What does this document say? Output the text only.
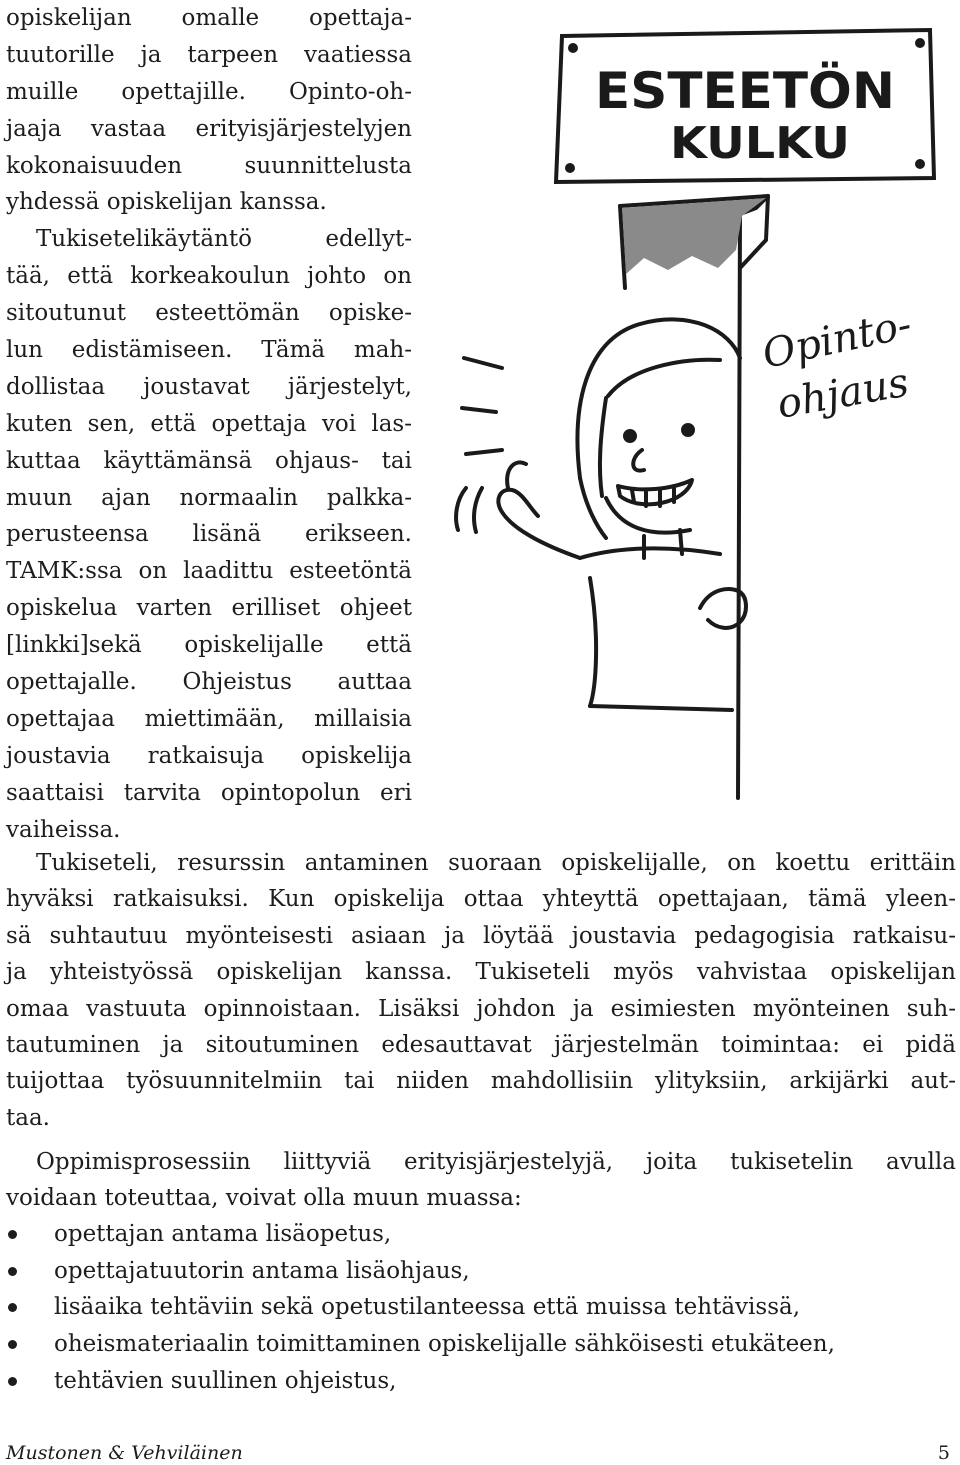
opiskelijan omalle opettaja-
tuutorille ja tarpeen vaatiessa
muille opettajille. Opinto-oh-
jaaja vastaa erityisjärjestelyjen
kokonaisuuden suunnittelusta
yhdessä opiskelijan kanssa.
Tukisetelikäytäntö edellyt-
tää, että korkeakoulun johto on
sitoutunut esteettömän opiske-
lun edistämiseen. Tämä mah-
dollistaa joustavat järjestelyt,
kuten sen, että opettaja voi las-
kuttaa käyttämänsä ohjaus- tai
muun ajan normaalin palkka-
perusteensa lisänä erikseen.
TAMK:ssa on laadittu esteetöntä
opiskelua varten erilliset ohjeet
[linkki]sekä opiskelijalle että
opettajalle. Ohjeistus auttaa
opettajaa miettimään, millaisia
joustavia ratkaisuja opiskelija
saattaisi tarvita opintopolun eri
vaiheissa.
ESTEETÖN
KULKU
Opinto-
ohjaus
Tukiseteli, resurssin antaminen suoraan opiskelijalle, on koettu erittäin
hyväksi ratkaisuksi. Kun opiskelija ottaa yhteyttä opettajaan, tämä yleen-
sä suhtautuu myönteisesti asiaan ja löytää joustavia pedagogisia ratkaisu-
ja yhteistyössä opiskelijan kanssa. Tukiseteli myös vahvistaa opiskelijan
omaa vastuuta opinnoistaan. Lisäksi johdon ja esimiesten myönteinen suh-
tautuminen ja sitoutuminen edesauttavat järjestelmän toimintaa: ei pidä
tuijottaa työsuunnitelmiin tai niiden mahdollisiin ylityksiin, arkijärki aut-
taa.
Oppimisprosessiin liittyviä erityisjärjestelyjä, joita tukisetelin avulla
voidaan toteuttaa, voivat olla muun muassa:
opettajan antama lisäopetus,
opettajatuutorin antama lisäohjaus,
lisäaika tehtäviin sekä opetustilanteessa että muissa tehtävissä,
oheismateriaalin toimittaminen opiskelijalle sähköisesti etukäteen,
tehtävien suullinen ohjeistus,
Mustonen & Vehviläinen	5
